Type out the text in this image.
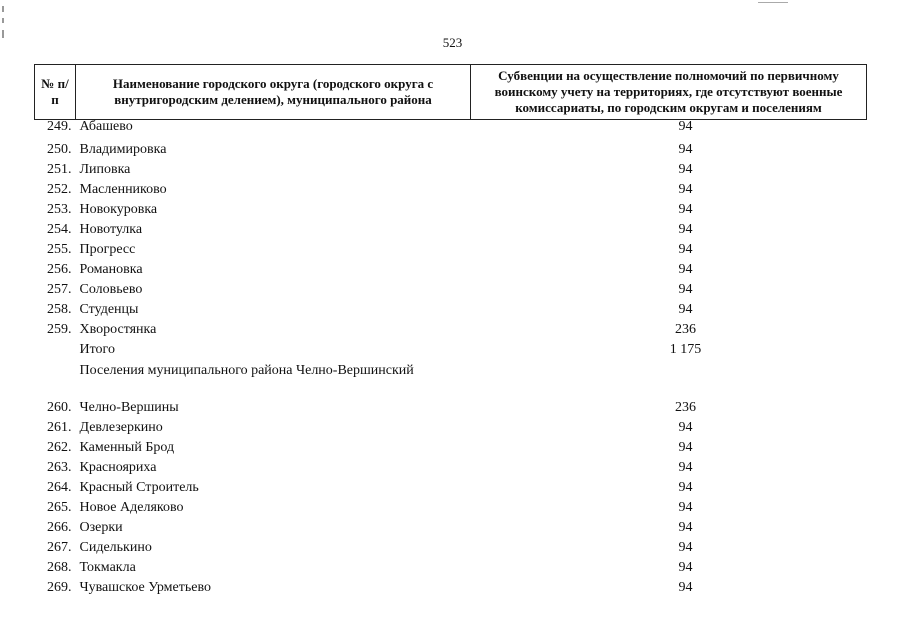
523
№ п/п	Наименование городского округа (городского округа с внутригородским делением), муниципального района	Субвенции на осуществление полномочий по первичному воинскому учету на территориях, где отсутствуют военные комиссариаты, по городским округам и поселениям
249.	Абашево	94
250.	Владимировка	94
251.	Липовка	94
252.	Масленниково	94
253.	Новокуровка	94
254.	Новотулка	94
255.	Прогресс	94
256.	Романовка	94
257.	Соловьево	94
258.	Студенцы	94
259.	Хворостянка	236
	Итого	1 175
	Поселения муниципального района Челно-Вершинский	
260.	Челно-Вершины	236
261.	Девлезеркино	94
262.	Каменный Брод	94
263.	Краснояриха	94
264.	Красный Строитель	94
265.	Новое Аделяково	94
266.	Озерки	94
267.	Сиделькино	94
268.	Токмакла	94
269.	Чувашское Урметьево	94
